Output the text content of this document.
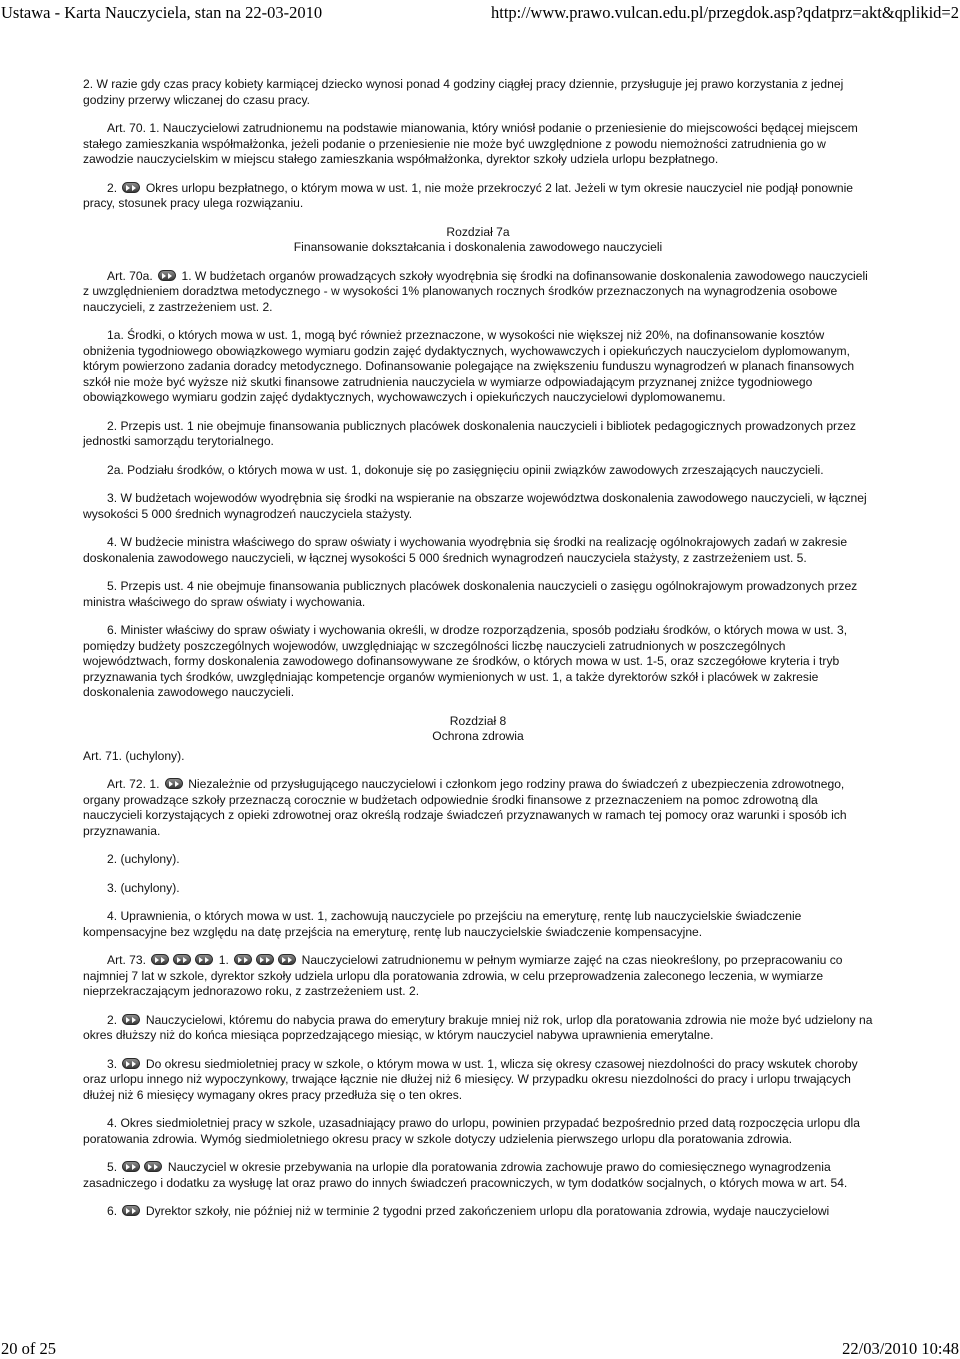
Ustawa - Karta Nauczyciela, stan na 22-03-2010	http://www.prawo.vulcan.edu.pl/przegdok.asp?qdatprz=akt&qplikid=2

2. W razie gdy czas pracy kobiety karmiącej dziecko wynosi ponad 4 godziny ciągłej pracy dziennie, przysługuje jej prawo korzystania z jednej godziny przerwy wliczanej do czasu pracy.

Art. 70. 1. Nauczycielowi zatrudnionemu na podstawie mianowania, który wniósł podanie o przeniesienie do miejscowości będącej miejscem stałego zamieszkania współmałżonka, jeżeli podanie o przeniesienie nie może być uwzględnione z powodu niemożności zatrudnienia go w zawodzie nauczycielskim w miejscu stałego zamieszkania współmałżonka, dyrektor szkoły udziela urlopu bezpłatnego.

2. Okres urlopu bezpłatnego, o którym mowa w ust. 1, nie może przekroczyć 2 lat. Jeżeli w tym okresie nauczyciel nie podjął ponownie pracy, stosunek pracy ulega rozwiązaniu.

Rozdział 7a
Finansowanie dokształcania i doskonalenia zawodowego nauczycieli

Art. 70a. 1. W budżetach organów prowadzących szkoły wyodrębnia się środki na dofinansowanie doskonalenia zawodowego nauczycieli z uwzględnieniem doradztwa metodycznego - w wysokości 1% planowanych rocznych środków przeznaczonych na wynagrodzenia osobowe nauczycieli, z zastrzeżeniem ust. 2.

1a. Środki, o których mowa w ust. 1, mogą być również przeznaczone, w wysokości nie większej niż 20%, na dofinansowanie kosztów obniżenia tygodniowego obowiązkowego wymiaru godzin zajęć dydaktycznych, wychowawczych i opiekuńczych nauczycielom dyplomowanym, którym powierzono zadania doradcy metodycznego. Dofinansowanie polegające na zwiększeniu funduszu wynagrodzeń w planach finansowych szkół nie może być wyższe niż skutki finansowe zatrudnienia nauczyciela w wymiarze odpowiadającym przyznanej zniżce tygodniowego obowiązkowego wymiaru godzin zajęć dydaktycznych, wychowawczych i opiekuńczych nauczycielowi dyplomowanemu.

2. Przepis ust. 1 nie obejmuje finansowania publicznych placówek doskonalenia nauczycieli i bibliotek pedagogicznych prowadzonych przez jednostki samorządu terytorialnego.

2a. Podziału środków, o których mowa w ust. 1, dokonuje się po zasięgnięciu opinii związków zawodowych zrzeszających nauczycieli.

3. W budżetach wojewodów wyodrębnia się środki na wspieranie na obszarze województwa doskonalenia zawodowego nauczycieli, w łącznej wysokości 5 000 średnich wynagrodzeń nauczyciela stażysty.

4. W budżecie ministra właściwego do spraw oświaty i wychowania wyodrębnia się środki na realizację ogólnokrajowych zadań w zakresie doskonalenia zawodowego nauczycieli, w łącznej wysokości 5 000 średnich wynagrodzeń nauczyciela stażysty, z zastrzeżeniem ust. 5.

5. Przepis ust. 4 nie obejmuje finansowania publicznych placówek doskonalenia nauczycieli o zasięgu ogólnokrajowym prowadzonych przez ministra właściwego do spraw oświaty i wychowania.

6. Minister właściwy do spraw oświaty i wychowania określi, w drodze rozporządzenia, sposób podziału środków, o których mowa w ust. 3, pomiędzy budżety poszczególnych wojewodów, uwzględniając w szczególności liczbę nauczycieli zatrudnionych w poszczególnych województwach, formy doskonalenia zawodowego dofinansowywane ze środków, o których mowa w ust. 1-5, oraz szczegółowe kryteria i tryb przyznawania tych środków, uwzględniając kompetencje organów wymienionych w ust. 1, a także dyrektorów szkół i placówek w zakresie doskonalenia zawodowego nauczycieli.

Rozdział 8
Ochrona zdrowia

Art. 71. (uchylony).

Art. 72. 1. Niezależnie od przysługującego nauczycielowi i członkom jego rodziny prawa do świadczeń z ubezpieczenia zdrowotnego, organy prowadzące szkoły przeznaczą corocznie w budżetach odpowiednie środki finansowe z przeznaczeniem na pomoc zdrowotną dla nauczycieli korzystających z opieki zdrowotnej oraz określą rodzaje świadczeń przyznawanych w ramach tej pomocy oraz warunki i sposób ich przyznawania.

2. (uchylony).

3. (uchylony).

4. Uprawnienia, o których mowa w ust. 1, zachowują nauczyciele po przejściu na emeryturę, rentę lub nauczycielskie świadczenie kompensacyjne bez względu na datę przejścia na emeryturę, rentę lub nauczycielskie świadczenie kompensacyjne.

Art. 73.	1.	Nauczycielowi zatrudnionemu w pełnym wymiarze zajęć na czas nieokreślony, po przepracowaniu co najmniej 7 lat w szkole, dyrektor szkoły udziela urlopu dla poratowania zdrowia, w celu przeprowadzenia zaleconego leczenia, w wymiarze nieprzekraczającym jednorazowo roku, z zastrzeżeniem ust. 2.

2. Nauczycielowi, któremu do nabycia prawa do emerytury brakuje mniej niż rok, urlop dla poratowania zdrowia nie może być udzielony na okres dłuższy niż do końca miesiąca poprzedzającego miesiąc, w którym nauczyciel nabywa uprawnienia emerytalne.

3. Do okresu siedmioletniej pracy w szkole, o którym mowa w ust. 1, wlicza się okresy czasowej niezdolności do pracy wskutek choroby oraz urlopu innego niż wypoczynkowy, trwające łącznie nie dłużej niż 6 miesięcy. W przypadku okresu niezdolności do pracy i urlopu trwających dłużej niż 6 miesięcy wymagany okres pracy przedłuża się o ten okres.

4. Okres siedmioletniej pracy w szkole, uzasadniający prawo do urlopu, powinien przypadać bezpośrednio przed datą rozpoczęcia urlopu dla poratowania zdrowia. Wymóg siedmioletniego okresu pracy w szkole dotyczy udzielenia pierwszego urlopu dla poratowania zdrowia.

5.	Nauczyciel w okresie przebywania na urlopie dla poratowania zdrowia zachowuje prawo do comiesięcznego wynagrodzenia zasadniczego i dodatku za wysługę lat oraz prawo do innych świadczeń pracowniczych, w tym dodatków socjalnych, o których mowa w art. 54.

6. Dyrektor szkoły, nie później niż w terminie 2 tygodni przed zakończeniem urlopu dla poratowania zdrowia, wydaje nauczycielowi

20 of 25	22/03/2010 10:48
